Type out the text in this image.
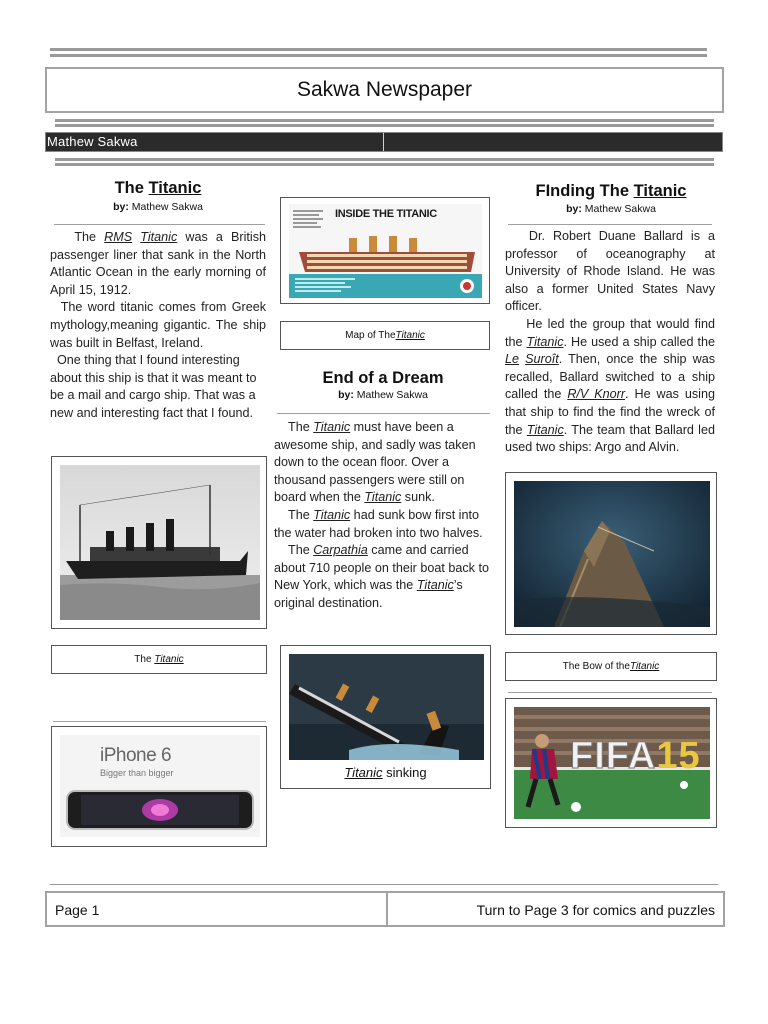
Sakwa Newspaper
Mathew Sakwa
The Titanic
by: Mathew Sakwa

The RMS Titanic was a British passenger liner that sank in the North Atlantic Ocean in the early morning of April 15, 1912.

The word titanic comes from Greek mythology,meaning gigantic. The ship was built in Belfast, Ireland.

One thing that I found interesting about this ship is that it was meant to be a mail and cargo ship. That was a new and interesting fact that I found.

The
Titanic
iPhone 6
Bigger than bigger
INSIDE THE TITANIC
Map of The Titanic
End of a Dream
by: Mathew Sakwa

The Titanic must have been a awesome ship, and sadly was taken down to the ocean floor. Over a thousand passengers were still on board when the Titanic sunk.

The Titanic had sunk bow first into the water had broken into two halves.

The Carpathia came and carried about 710 people on their boat back to New York, which was the Titanic’s original destination.

Titanic sinking
FInding The Titanic
by: Mathew Sakwa

Dr. Robert Duane Ballard is a professor of oceanography at University of Rhode Island. He was also a former United States Navy officer.

He led the group that would find the Titanic. He used a ship called the Le Suroît. Then, once the ship was recalled, Ballard switched to a ship called the R/V Knorr. He was using that ship to find the find the wreck of the Titanic. The team that Ballard led used two ships: Argo and Alvin.

The Bow of the Titanic
FIFA15
Page 1	Turn to Page 3 for comics and puzzles
